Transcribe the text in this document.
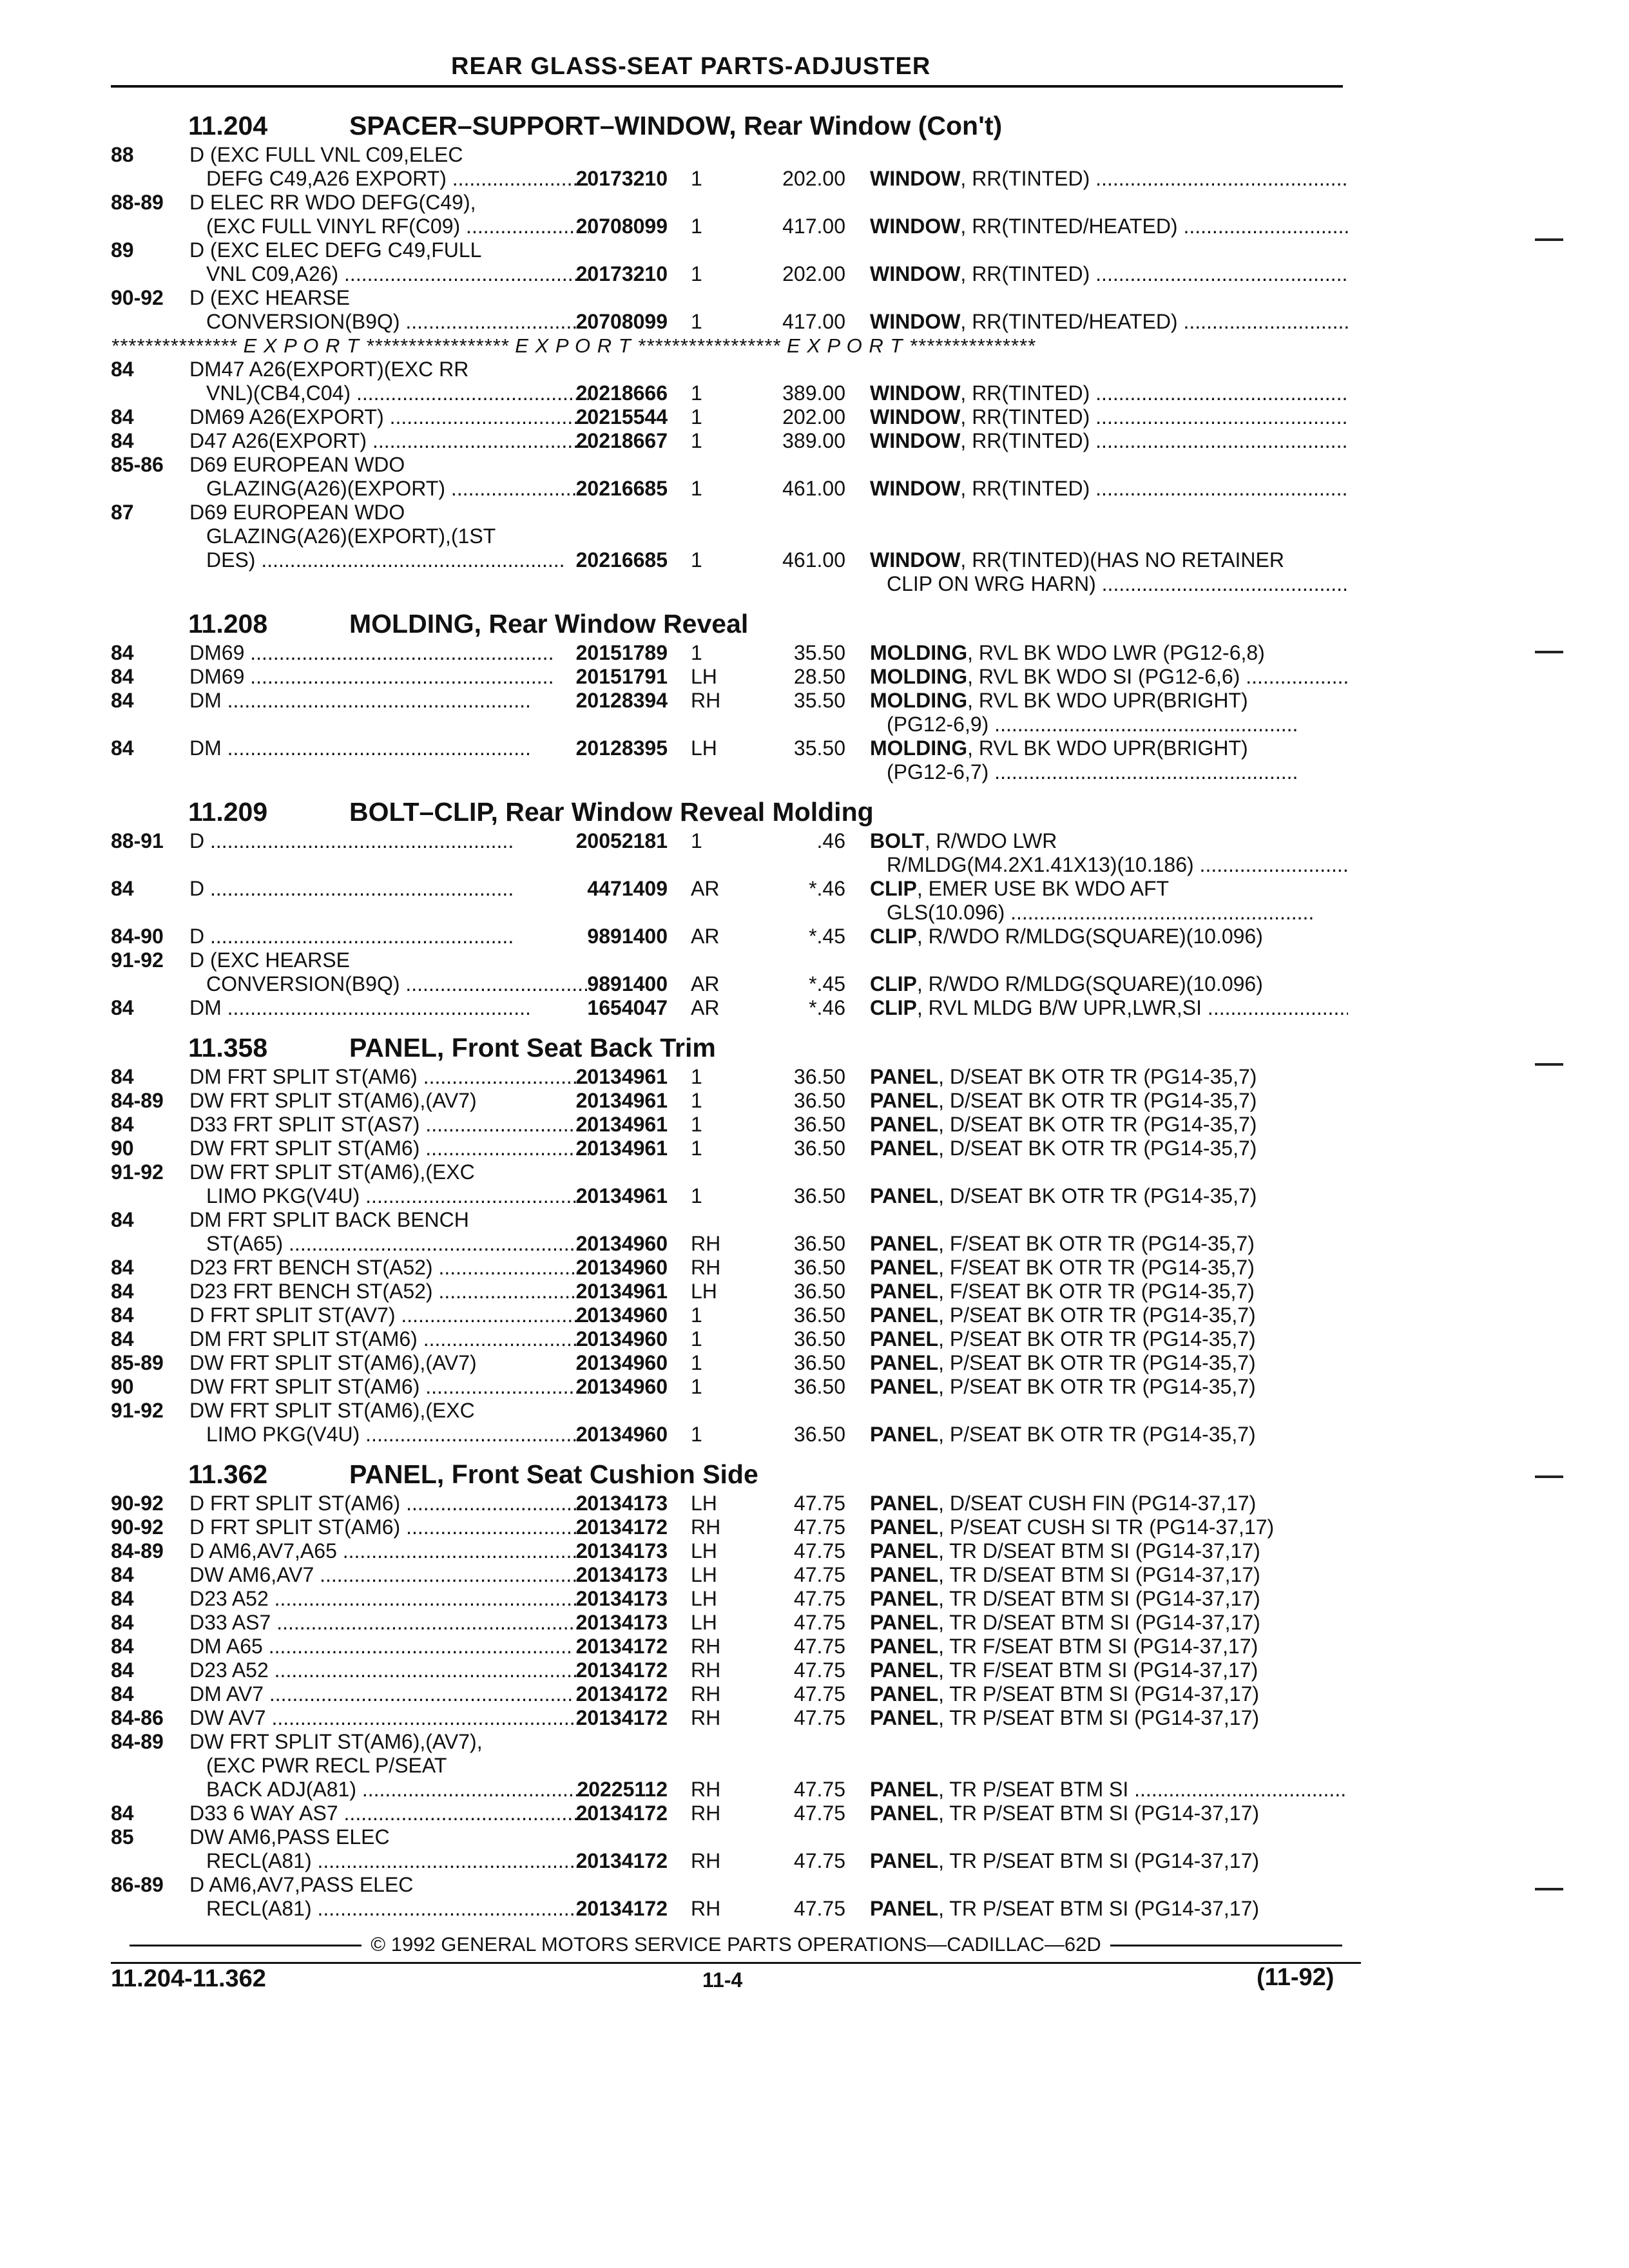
REAR GLASS-SEAT PARTS-ADJUSTER
11.204	SPACER–SUPPORT–WINDOW, Rear Window (Con't)
88	D (EXC FULL VNL C09,ELEC
DEFG C49,A26 EXPORT) .....	20173210 1	202.00 WINDOW, RR(TINTED) .....
88-89 D ELEC RR WDO DEFG(C49),
(EXC FULL VINYL RF(C09) .....	20708099 1	417.00 WINDOW, RR(TINTED/HEATED) .....
89	D (EXC ELEC DEFG C49,FULL
VNL C09,A26) .....	20173210 1	202.00 WINDOW, RR(TINTED) .....
90-92 D (EXC HEARSE
CONVERSION(B9Q) .....	20708099 1	417.00 WINDOW, RR(TINTED/HEATED) .....
*************** E X P O R T ***************** E X P O R T ***************** E X P O R T ***************
84	DM47 A26(EXPORT)(EXC RR
VNL)(CB4,C04) .....	20218666 1	389.00 WINDOW, RR(TINTED) .....
84	DM69 A26(EXPORT) .....	20215544 1	202.00 WINDOW, RR(TINTED) .....
84	D47 A26(EXPORT) .....	20218667 1	389.00 WINDOW, RR(TINTED) .....
85-86 D69 EUROPEAN WDO
GLAZING(A26)(EXPORT) .....	20216685 1	461.00 WINDOW, RR(TINTED) .....
87	D69 EUROPEAN WDO
GLAZING(A26)(EXPORT),(1ST
DES) .....	20216685 1	461.00 WINDOW, RR(TINTED)(HAS NO RETAINER
CLIP ON WRG HARN) .....
11.208	MOLDING, Rear Window Reveal
84	DM69 .....	20151789 1	35.50 MOLDING, RVL BK WDO LWR (PG12-6,8)
84	DM69 .....	20151791 LH	28.50 MOLDING, RVL BK WDO SI (PG12-6,6) .....
84	DM .....	20128394 RH	35.50 MOLDING, RVL BK WDO UPR(BRIGHT)
(PG12-6,9) .....
84	DM .....	20128395 LH	35.50 MOLDING, RVL BK WDO UPR(BRIGHT)
(PG12-6,7) .....
11.209	BOLT–CLIP, Rear Window Reveal Molding
88-91 D .....	20052181 1	.46 BOLT, R/WDO LWR
R/MLDG(M4.2X1.41X13)(10.186) .....
84	D .....	4471409 AR	*.46 CLIP, EMER USE BK WDO AFT
GLS(10.096) .....
84-90 D .....	9891400 AR	*.45 CLIP, R/WDO R/MLDG(SQUARE)(10.096)
91-92 D (EXC HEARSE
CONVERSION(B9Q) .....	9891400 AR	*.45 CLIP, R/WDO R/MLDG(SQUARE)(10.096)
84	DM .....	1654047 AR	*.46 CLIP, RVL MLDG B/W UPR,LWR,SI .....
11.358	PANEL, Front Seat Back Trim
84	DM FRT SPLIT ST(AM6) .....	20134961 1	36.50 PANEL, D/SEAT BK OTR TR (PG14-35,7)
84-89 DW FRT SPLIT ST(AM6),(AV7)	20134961 1	36.50 PANEL, D/SEAT BK OTR TR (PG14-35,7)
84	D33 FRT SPLIT ST(AS7) .....	20134961 1	36.50 PANEL, D/SEAT BK OTR TR (PG14-35,7)
90	DW FRT SPLIT ST(AM6) .....	20134961 1	36.50 PANEL, D/SEAT BK OTR TR (PG14-35,7)
91-92 DW FRT SPLIT ST(AM6),(EXC
LIMO PKG(V4U) .....	20134961 1	36.50 PANEL, D/SEAT BK OTR TR (PG14-35,7)
84	DM FRT SPLIT BACK BENCH
ST(A65) .....	20134960 RH	36.50 PANEL, F/SEAT BK OTR TR (PG14-35,7)
84	D23 FRT BENCH ST(A52) .....	20134960 RH	36.50 PANEL, F/SEAT BK OTR TR (PG14-35,7)
84	D23 FRT BENCH ST(A52) .....	20134961 LH	36.50 PANEL, F/SEAT BK OTR TR (PG14-35,7)
84	D FRT SPLIT ST(AV7) .....	20134960 1	36.50 PANEL, P/SEAT BK OTR TR (PG14-35,7)
84	DM FRT SPLIT ST(AM6) .....	20134960 1	36.50 PANEL, P/SEAT BK OTR TR (PG14-35,7)
85-89 DW FRT SPLIT ST(AM6),(AV7)	20134960 1	36.50 PANEL, P/SEAT BK OTR TR (PG14-35,7)
90	DW FRT SPLIT ST(AM6) .....	20134960 1	36.50 PANEL, P/SEAT BK OTR TR (PG14-35,7)
91-92 DW FRT SPLIT ST(AM6),(EXC
LIMO PKG(V4U) .....	20134960 1	36.50 PANEL, P/SEAT BK OTR TR (PG14-35,7)
11.362	PANEL, Front Seat Cushion Side
90-92 D FRT SPLIT ST(AM6) .....	20134173 LH	47.75 PANEL, D/SEAT CUSH FIN (PG14-37,17)
90-92 D FRT SPLIT ST(AM6) .....	20134172 RH	47.75 PANEL, P/SEAT CUSH SI TR (PG14-37,17)
84-89 D AM6,AV7,A65 .....	20134173 LH	47.75 PANEL, TR D/SEAT BTM SI (PG14-37,17)
84	DW AM6,AV7 .....	20134173 LH	47.75 PANEL, TR D/SEAT BTM SI (PG14-37,17)
84	D23 A52 .....	20134173 LH	47.75 PANEL, TR D/SEAT BTM SI (PG14-37,17)
84	D33 AS7 .....	20134173 LH	47.75 PANEL, TR D/SEAT BTM SI (PG14-37,17)
84	DM A65 .....	20134172 RH	47.75 PANEL, TR F/SEAT BTM SI (PG14-37,17)
84	D23 A52 .....	20134172 RH	47.75 PANEL, TR F/SEAT BTM SI (PG14-37,17)
84	DM AV7 .....	20134172 RH	47.75 PANEL, TR P/SEAT BTM SI (PG14-37,17)
84-86 DW AV7 .....	20134172 RH	47.75 PANEL, TR P/SEAT BTM SI (PG14-37,17)
84-89 DW FRT SPLIT ST(AM6),(AV7),
(EXC PWR RECL P/SEAT
BACK ADJ(A81) .....	20225112 RH	47.75 PANEL, TR P/SEAT BTM SI .....
84	D33 6 WAY AS7 .....	20134172 RH	47.75 PANEL, TR P/SEAT BTM SI (PG14-37,17)
85	DW AM6,PASS ELEC
RECL(A81) .....	20134172 RH	47.75 PANEL, TR P/SEAT BTM SI (PG14-37,17)
86-89 D AM6,AV7,PASS ELEC
RECL(A81) .....	20134172 RH	47.75 PANEL, TR P/SEAT BTM SI (PG14-37,17)
© 1992 GENERAL MOTORS SERVICE PARTS OPERATIONS—CADILLAC—62D
11.204-11.362	11-4	(11-92)
